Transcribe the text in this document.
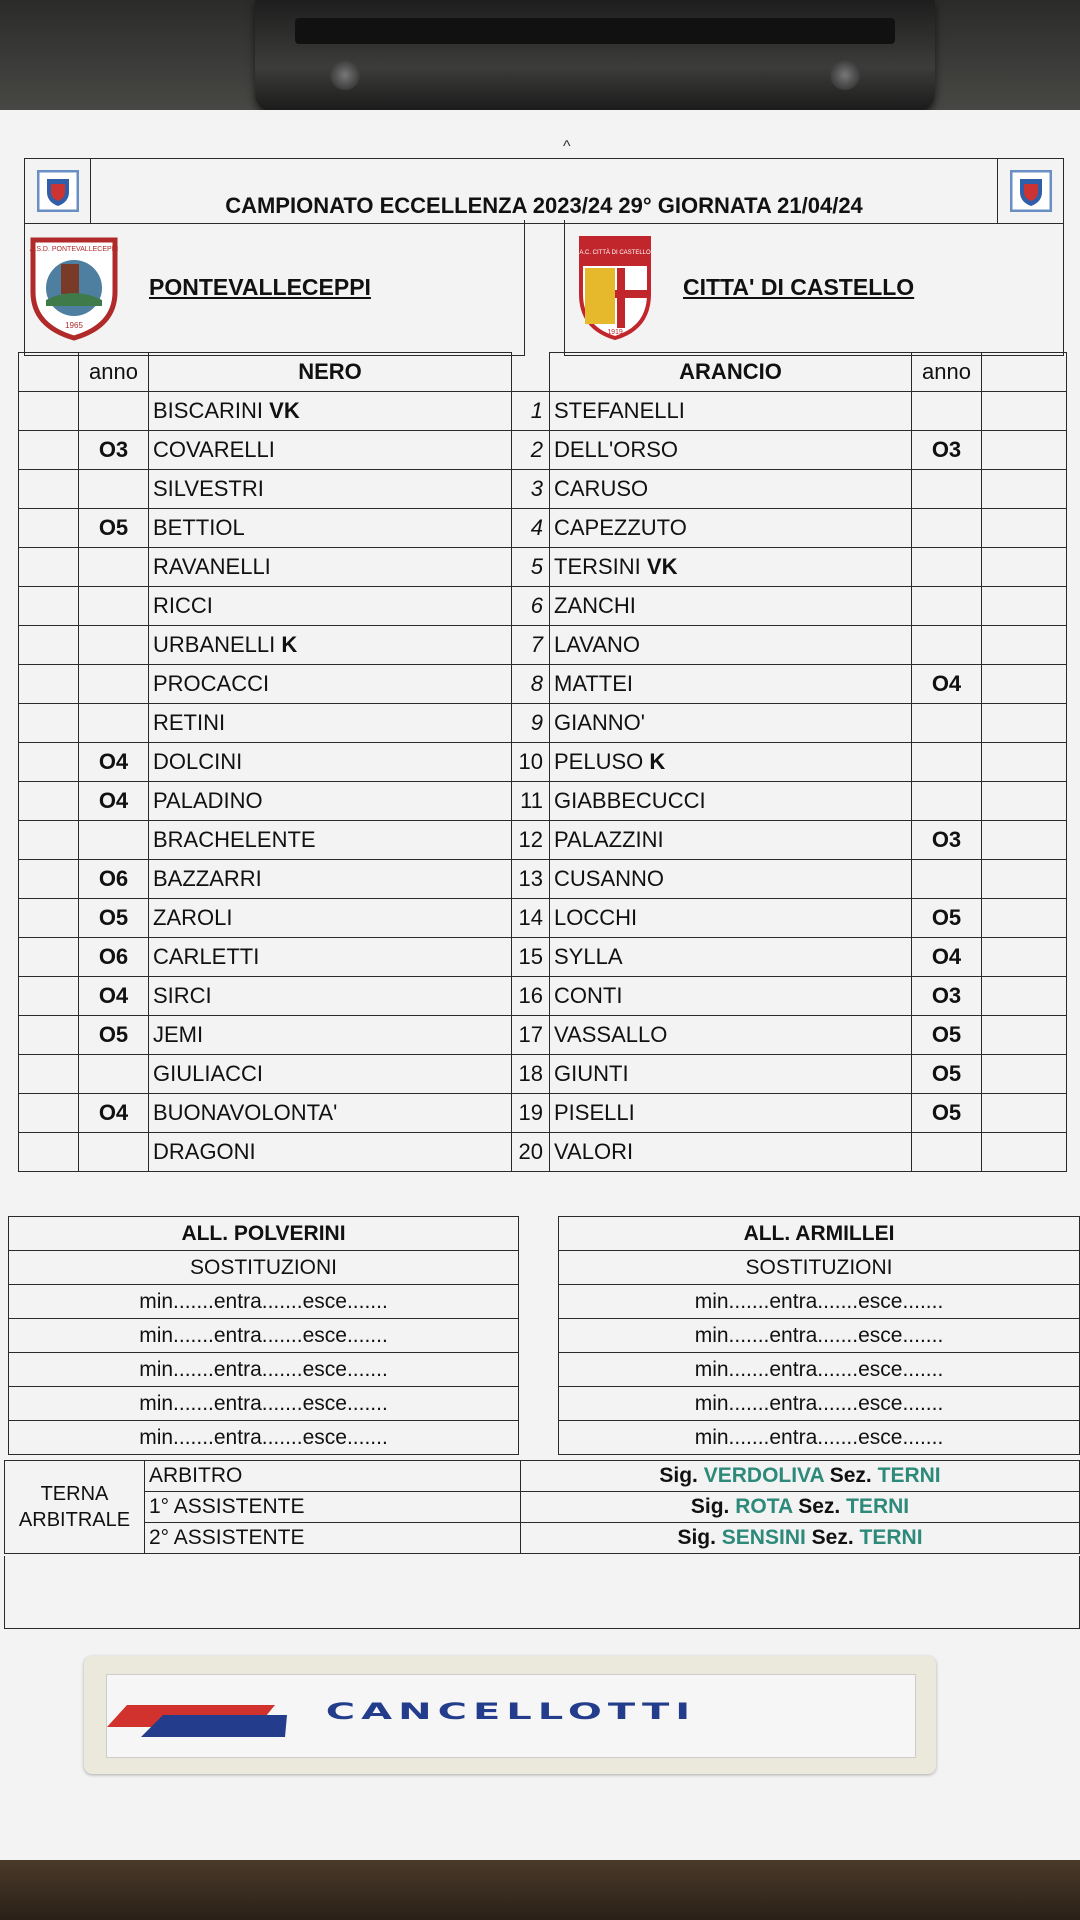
^
	CAMPIONATO ECCELLENZA 2023/24 29° GIORNATA 21/04/24	
A.S.D. PONTEVALLECEPPI
1965
PONTEVALLECEPPI

A.C. CITTÀ DI CASTELLO
1919
CITTA' DI CASTELLO
	anno	NERO		ARANCIO	anno	
		BISCARINI VK	1	STEFANELLI		
	O3	COVARELLI	2	DELL'ORSO	O3	
		SILVESTRI	3	CARUSO		
	O5	BETTIOL	4	CAPEZZUTO		
		RAVANELLI	5	TERSINI VK		
		RICCI	6	ZANCHI		
		URBANELLI K	7	LAVANO		
		PROCACCI	8	MATTEI	O4	
		RETINI	9	GIANNO'		
	O4	DOLCINI	10	PELUSO K		
	O4	PALADINO	11	GIABBECUCCI		
		BRACHELENTE	12	PALAZZINI	O3	
	O6	BAZZARRI	13	CUSANNO		
	O5	ZAROLI	14	LOCCHI	O5	
	O6	CARLETTI	15	SYLLA	O4	
	O4	SIRCI	16	CONTI	O3	
	O5	JEMI	17	VASSALLO	O5	
		GIULIACCI	18	GIUNTI	O5	
	O4	BUONAVOLONTA'	19	PISELLI	O5	
		DRAGONI	20	VALORI		
ALL. POLVERINI		ALL. ARMILLEI
SOSTITUZIONI		SOSTITUZIONI
min.......entra.......esce.......		min.......entra.......esce.......
min.......entra.......esce.......		min.......entra.......esce.......
min.......entra.......esce.......		min.......entra.......esce.......
min.......entra.......esce.......		min.......entra.......esce.......
min.......entra.......esce.......		min.......entra.......esce.......
TERNA ARBITRALE	ARBITRO	Sig. VERDOLIVA Sez. TERNI
	1° ASSISTENTE	Sig. ROTA Sez. TERNI
	2° ASSISTENTE	Sig. SENSINI Sez. TERNI
CANCELLOTTI
